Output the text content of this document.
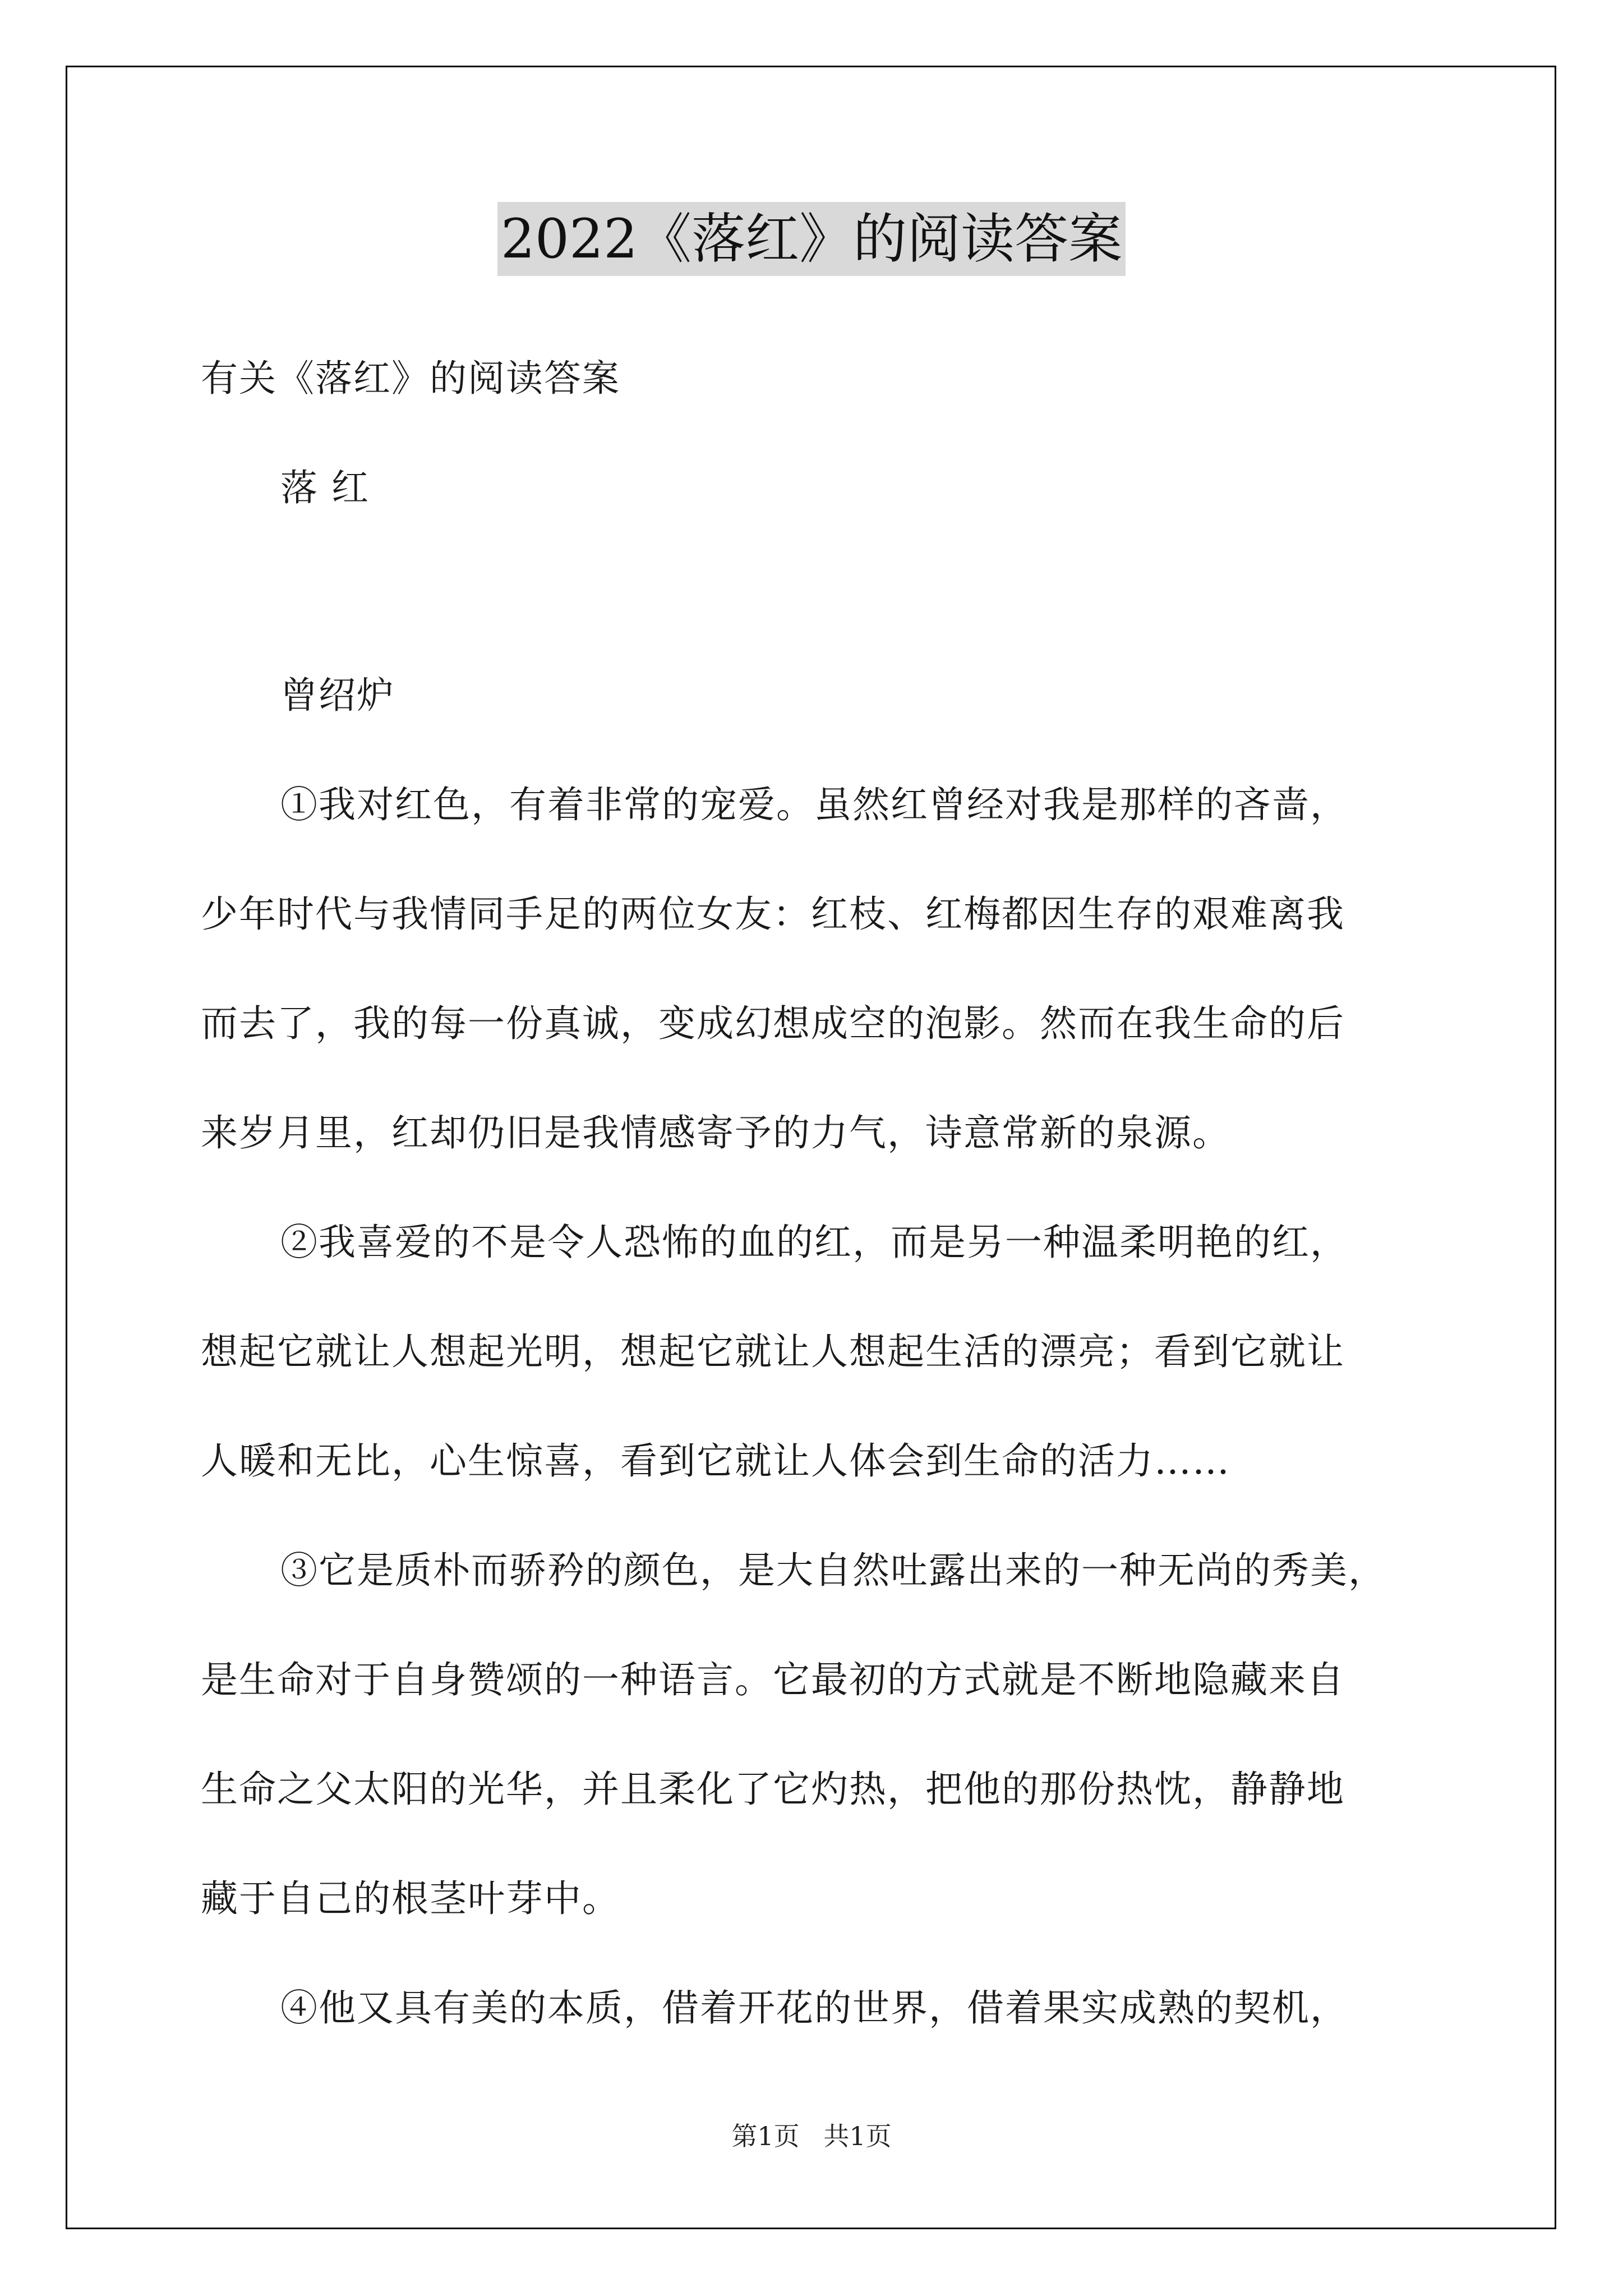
2022《落红》的阅读答案
有关《落红》的阅读答案
落 红
曾绍炉
①我对红色，有着非常的宠爱。虽然红曾经对我是那样的吝啬，
少年时代与我情同手足的两位女友：红枝、红梅都因生存的艰难离我
而去了，我的每一份真诚，变成幻想成空的泡影。然而在我生命的后
来岁月里，红却仍旧是我情感寄予的力气，诗意常新的泉源。
②我喜爱的不是令人恐怖的血的红，而是另一种温柔明艳的红，
想起它就让人想起光明，想起它就让人想起生活的漂亮；看到它就让
人暖和无比，心生惊喜，看到它就让人体会到生命的活力……
③它是质朴而骄矜的颜色，是大自然吐露出来的一种无尚的秀美，
是生命对于自身赞颂的一种语言。它最初的方式就是不断地隐藏来自
生命之父太阳的光华，并且柔化了它灼热，把他的那份热忱，静静地
藏于自己的根茎叶芽中。
④他又具有美的本质，借着开花的世界，借着果实成熟的契机，
第1页 共1页
